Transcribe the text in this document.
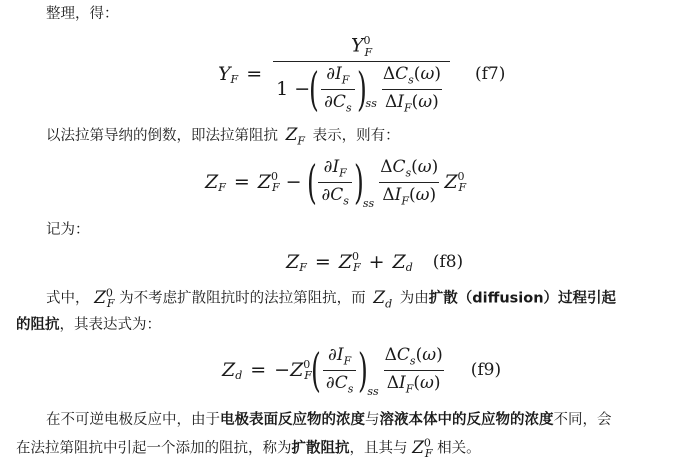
整理，得：
$Y_F = \frac{Y^0_F}{1 - ( \frac{\partial I_F}{\partial C_s} ) ss \frac{\Delta C_s(\omega)}{\Delta I_F(\omega)}} (f7)$
以法拉第导纳的倒数，即法拉第阻抗 $Z_F$ 表示，则有：
$Z_F = Z^0$
F − ( $\frac{\partial I_F}{\partial C_s}$ ) ss $\frac{\Delta C_s(\omega)}{\Delta I_F(\omega)} Z^0$
F
记为：
$Z_F = Z^0$
$F + Z_d$ (f8)
式中， $Z^0_F$ 为不考虑扩散阻抗时的法拉第阻抗，而 $Z_d$ 为由扩散（diffusion）过程引起
的阻抗，其表达式为：
$Z_d$ = − $Z^0$
F ( $\frac{\partial I_F}{\partial C_s}$ ) ss $\frac{\Delta C_s(\omega)}{\Delta I_F(\omega)} (f9)$
在不可逆电极反应中，由于电极表面反应物的浓度与溶液本体中的反应物的浓度不同，会
在法拉第阻抗中引起一个添加的阻抗，称为扩散阻抗，且其与 $Z^0_F$ 相关。
